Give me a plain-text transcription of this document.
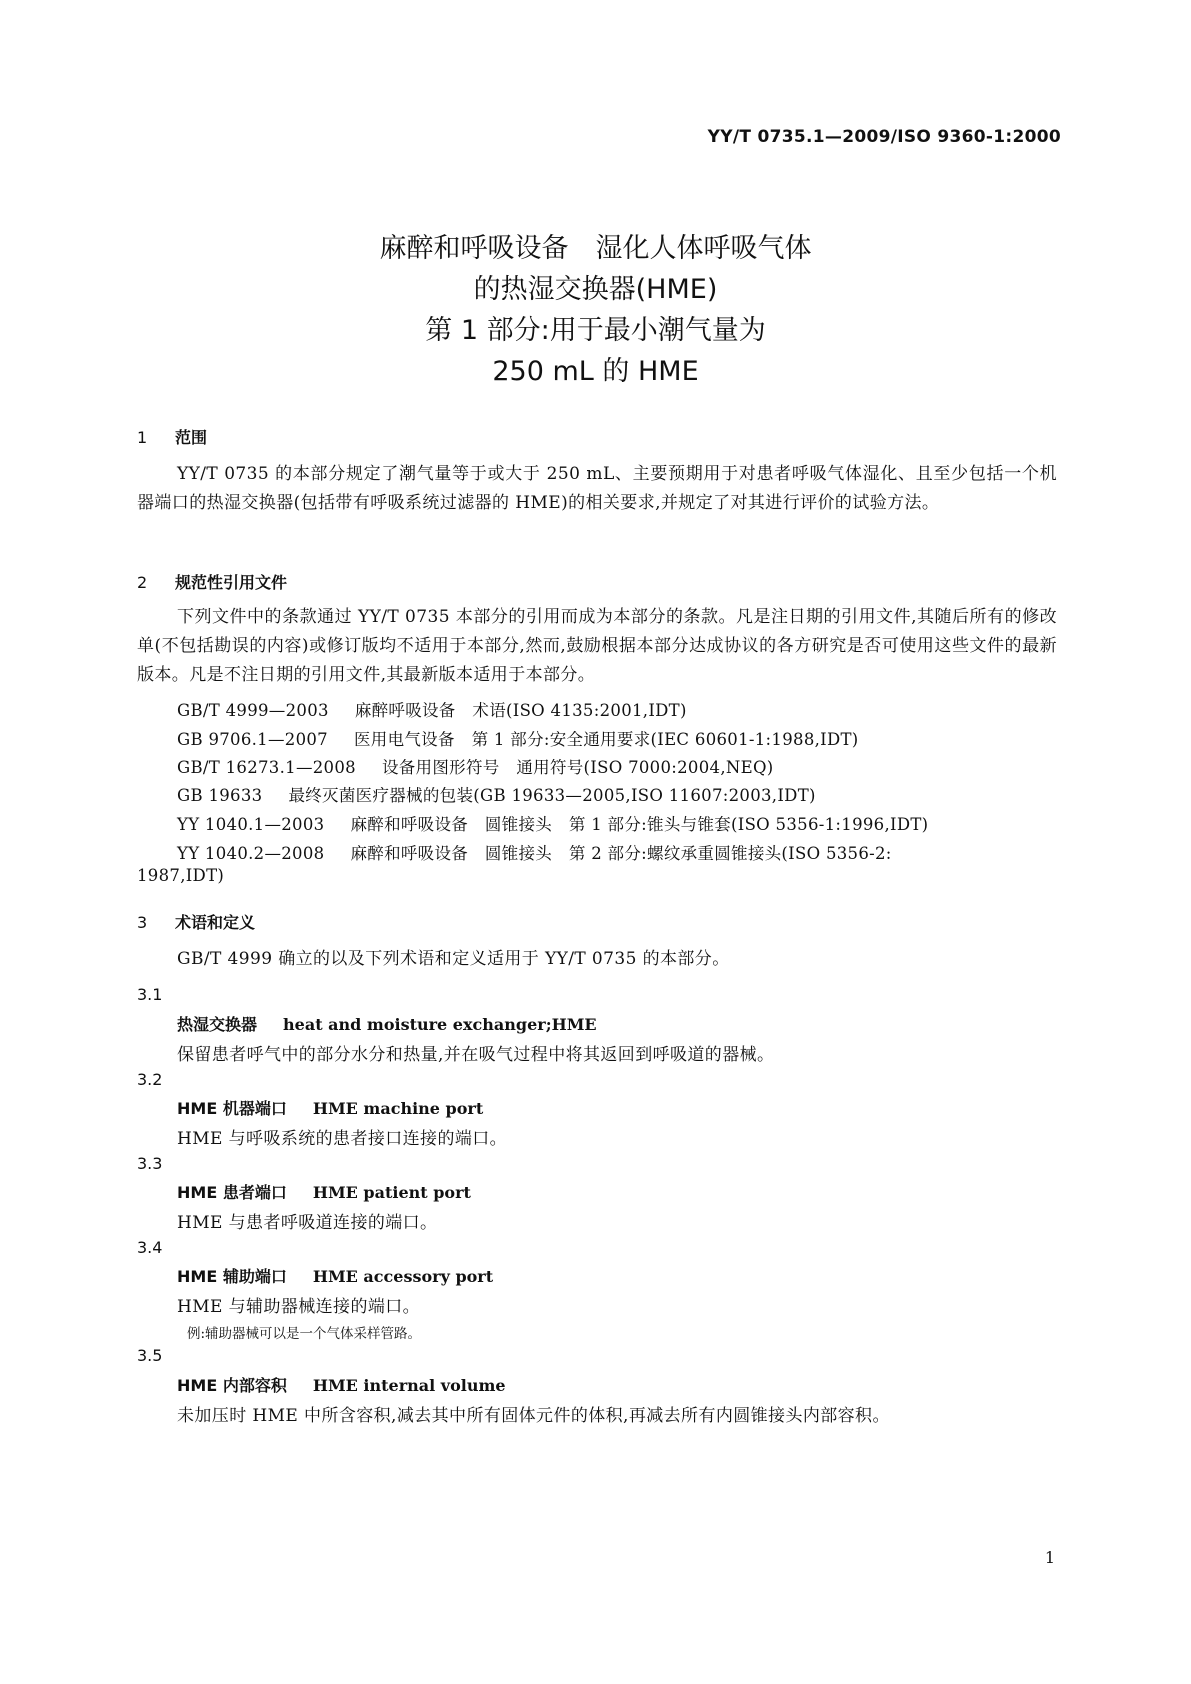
YY/T 0735.1—2009/ISO 9360-1:2000
麻醉和呼吸设备　湿化人体呼吸气体
的热湿交换器(HME)
第 1 部分:用于最小潮气量为
250 mL 的 HME
1 范围
YY/T 0735 的本部分规定了潮气量等于或大于 250 mL、主要预期用于对患者呼吸气体湿化、且至少包括一个机器端口的热湿交换器(包括带有呼吸系统过滤器的 HME)的相关要求,并规定了对其进行评价的试验方法。
2 规范性引用文件
下列文件中的条款通过 YY/T 0735 本部分的引用而成为本部分的条款。凡是注日期的引用文件,其随后所有的修改单(不包括勘误的内容)或修订版均不适用于本部分,然而,鼓励根据本部分达成协议的各方研究是否可使用这些文件的最新版本。凡是不注日期的引用文件,其最新版本适用于本部分。
GB/T 4999—2003 麻醉呼吸设备　术语(ISO 4135:2001,IDT)
GB 9706.1—2007 医用电气设备　第 1 部分:安全通用要求(IEC 60601-1:1988,IDT)
GB/T 16273.1—2008 设备用图形符号　通用符号(ISO 7000:2004,NEQ)
GB 19633 最终灭菌医疗器械的包装(GB 19633—2005,ISO 11607:2003,IDT)
YY 1040.1—2003 麻醉和呼吸设备　圆锥接头　第 1 部分:锥头与锥套(ISO 5356-1:1996,IDT)
YY 1040.2—2008 麻醉和呼吸设备　圆锥接头　第 2 部分:螺纹承重圆锥接头(ISO 5356-2:
1987,IDT)
3 术语和定义
GB/T 4999 确立的以及下列术语和定义适用于 YY/T 0735 的本部分。
3.1
热湿交换器 heat and moisture exchanger;HME
保留患者呼气中的部分水分和热量,并在吸气过程中将其返回到呼吸道的器械。
3.2
HME 机器端口 HME machine port
HME 与呼吸系统的患者接口连接的端口。
3.3
HME 患者端口 HME patient port
HME 与患者呼吸道连接的端口。
3.4
HME 辅助端口 HME accessory port
HME 与辅助器械连接的端口。
例:辅助器械可以是一个气体采样管路。
3.5
HME 内部容积 HME internal volume
未加压时 HME 中所含容积,减去其中所有固体元件的体积,再减去所有内圆锥接头内部容积。
1
